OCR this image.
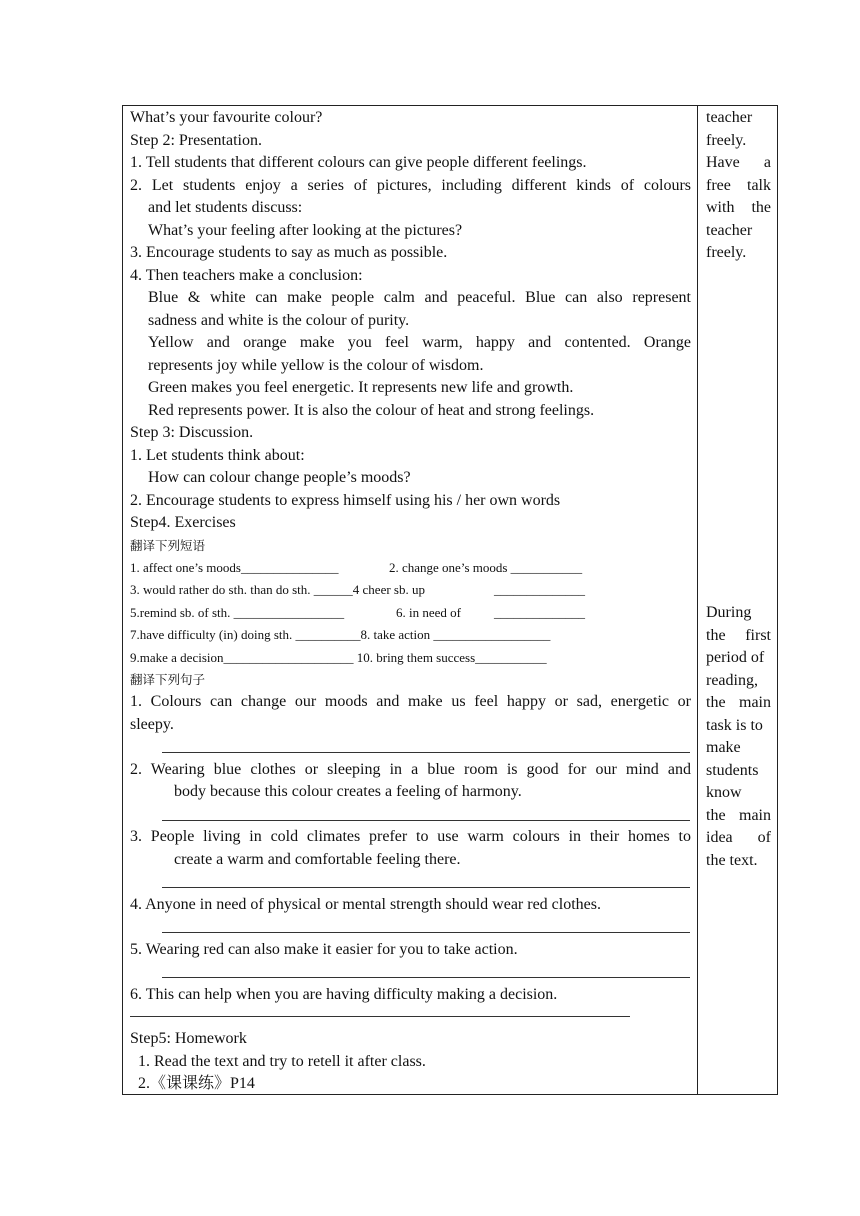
What’s your favourite colour?
Step 2: Presentation.
1. Tell students that different colours can give people different feelings.
2. Let students enjoy a series of pictures, including different kinds of colours
and let students discuss:
What’s your feeling after looking at the pictures?
3. Encourage students to say as much as possible.
4. Then teachers make a conclusion:
Blue & white can make people calm and peaceful. Blue can also represent
sadness and white is the colour of purity.
Yellow and orange make you feel warm, happy and contented. Orange
represents joy while yellow is the colour of wisdom.
Green makes you feel energetic. It represents new life and growth.
Red represents power. It is also the colour of heat and strong feelings.
Step 3: Discussion.
1. Let students think about:
How can colour change people’s moods?
2. Encourage students to express himself using his / her own words
Step4. Exercises
翻译下列短语
1. affect one’s moods_______________	2. change one’s moods ___________
3. would rather do sth. than do sth. ______4 cheer sb. up	______________
5.remind sb. of sth. _________________	6. in need of	______________
7.have difficulty (in) doing sth. __________8. take action __________________
9.make a decision____________________ 10. bring them success___________
翻译下列句子
1. Colours can change our moods and make us feel happy or sad, energetic or
sleepy.
2. Wearing blue clothes or sleeping in a blue room is good for our mind and
body because this colour creates a feeling of harmony.
3. People living in cold climates prefer to use warm colours in their homes to
create a warm and comfortable feeling there.
4. Anyone in need of physical or mental strength should wear red clothes.
5. Wearing red can also make it easier for you to take action.
6. This can help when you are having difficulty making a decision.
Step5: Homework
1. Read the text and try to retell it after class.
2.《课课练》P14
teacher
freely.
Have a
free talk
with the
teacher
freely.
During
the first
period of
reading,
the main
task is to
make
students
know
the main
idea of
the text.
